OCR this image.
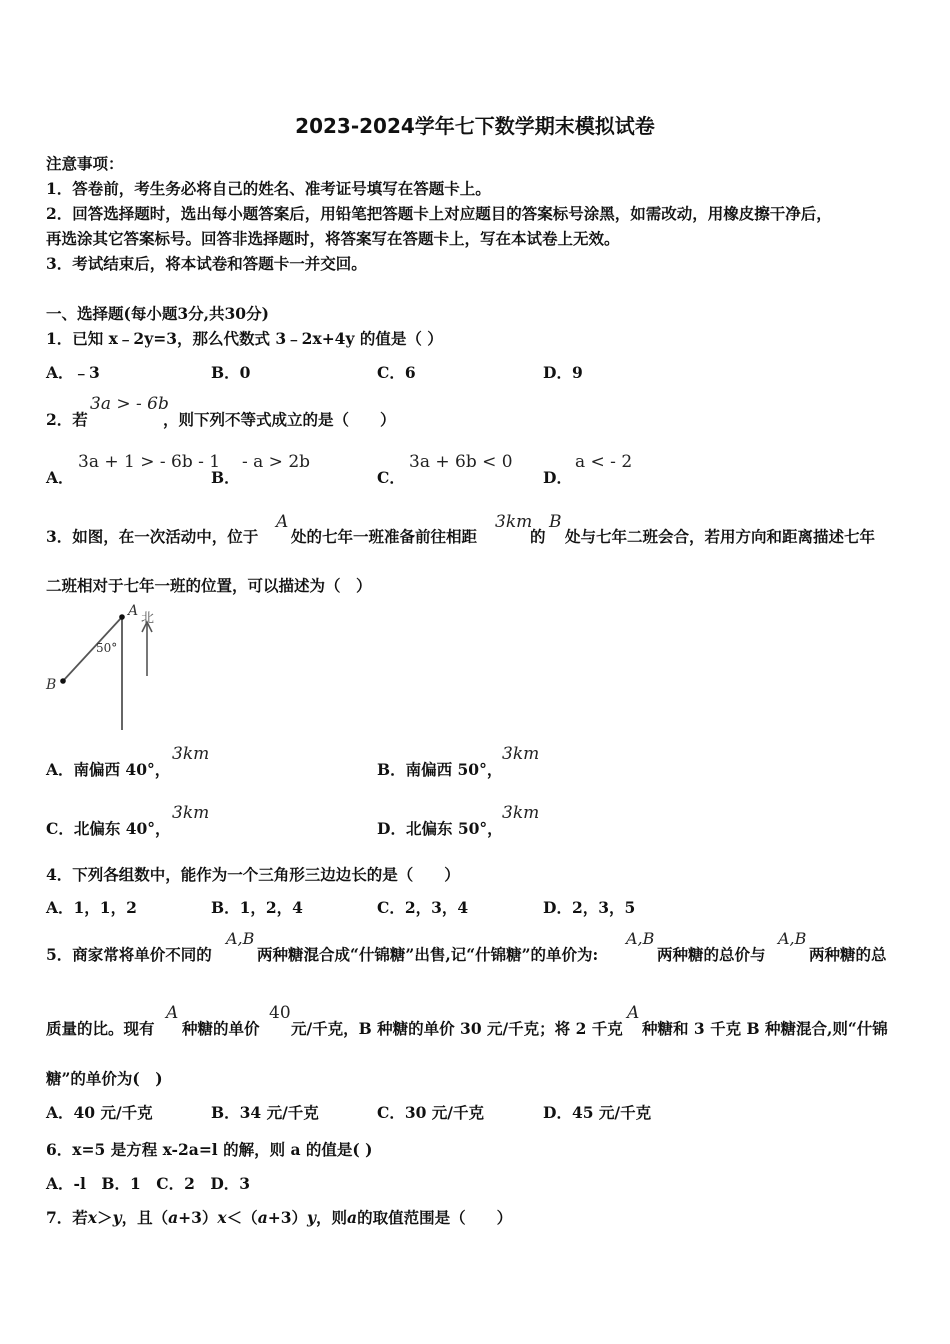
2023-2024学年七下数学期末模拟试卷
注意事项：
1．答卷前，考生务必将自己的姓名、准考证号填写在答题卡上。
2．回答选择题时，选出每小题答案后，用铅笔把答题卡上对应题目的答案标号涂黑，如需改动，用橡皮擦干净后，
再选涂其它答案标号。回答非选择题时，将答案写在答题卡上，写在本试卷上无效。
3．考试结束后，将本试卷和答题卡一并交回。
一、选择题(每小题3分,共30分)
1．已知 x﹣2y=3，那么代数式 3﹣2x+4y 的值是（ ）
A．﹣3	B．0	C．6	D．9
2．若
3a > - 6b
，则下列不等式成立的是（　　）
A．
3a + 1 > - 6b - 1
B．
- a > 2b
C．
3a + 6b < 0
D．
a < - 2
3．如图，在一次活动中，位于
A
处的七年一班准备前往相距
3km
的
B
处与七年二班会合，若用方向和距离描述七年
二班相对于七年一班的位置，可以描述为（　）
A
B
北
50°
A．南偏西 40°，
3km
B．南偏西 50°，
3km
C．北偏东 40°，
3km
D．北偏东 50°，
3km
4．下列各组数中，能作为一个三角形三边边长的是（　　）
A．1，1，2	B．1，2，4	C．2，3，4	D．2，3，5
5．商家常将单价不同的
A,B
两种糖混合成“什锦糖”出售,记“什锦糖”的单价为:
A,B
两种糖的总价与
A,B
两种糖的总
质量的比。现有
A
种糖的单价
40
元/千克，B 种糖的单价 30 元/千克；将 2 千克
A
种糖和 3 千克 B 种糖混合,则“什锦
糖”的单价为(　)
A．40 元/千克	B．34 元/千克	C．30 元/千克	D．45 元/千克
6．x=5 是方程 x-2a=l 的解，则 a 的值是( )
A．-l　B．1　C．2　D．3
7．若x＞y，且（a+3）x＜（a+3）y，则a的取值范围是（　　）
